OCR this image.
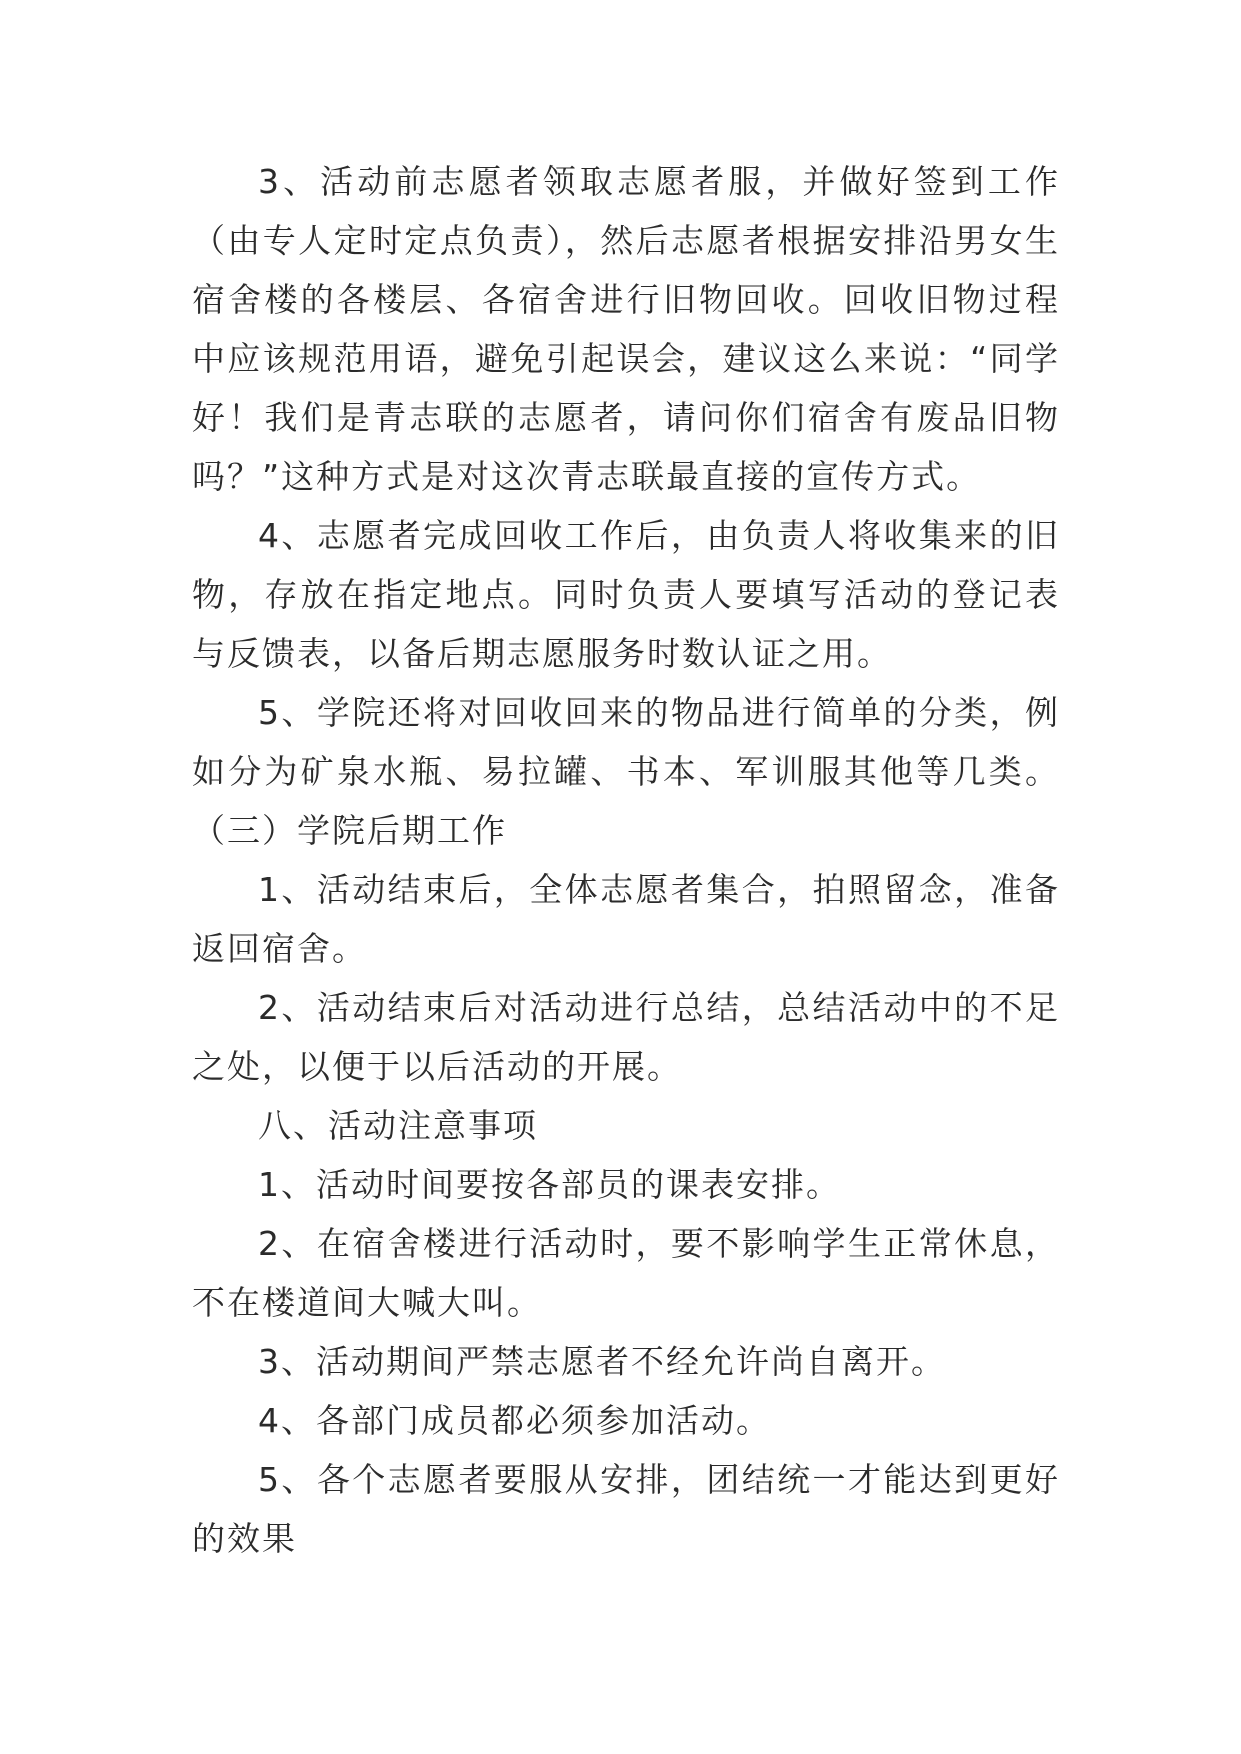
3、活动前志愿者领取志愿者服，并做好签到工作（由专人定时定点负责），然后志愿者根据安排沿男女生宿舍楼的各楼层、各宿舍进行旧物回收。回收旧物过程中应该规范用语，避免引起误会，建议这么来说：“同学好！我们是青志联的志愿者，请问你们宿舍有废品旧物吗？”这种方式是对这次青志联最直接的宣传方式。

4、志愿者完成回收工作后，由负责人将收集来的旧物，存放在指定地点。同时负责人要填写活动的登记表与反馈表，以备后期志愿服务时数认证之用。

5、学院还将对回收回来的物品进行简单的分类，例如分为矿泉水瓶、易拉罐、书本、军训服其他等几类。 （三）学院后期工作

1、活动结束后，全体志愿者集合，拍照留念，准备返回宿舍。

2、活动结束后对活动进行总结，总结活动中的不足之处，以便于以后活动的开展。

八、活动注意事项

1、活动时间要按各部员的课表安排。

2、在宿舍楼进行活动时，要不影响学生正常休息，不在楼道间大喊大叫。

3、活动期间严禁志愿者不经允许尚自离开。

4、各部门成员都必须参加活动。

5、各个志愿者要服从安排，团结统一才能达到更好的效果
